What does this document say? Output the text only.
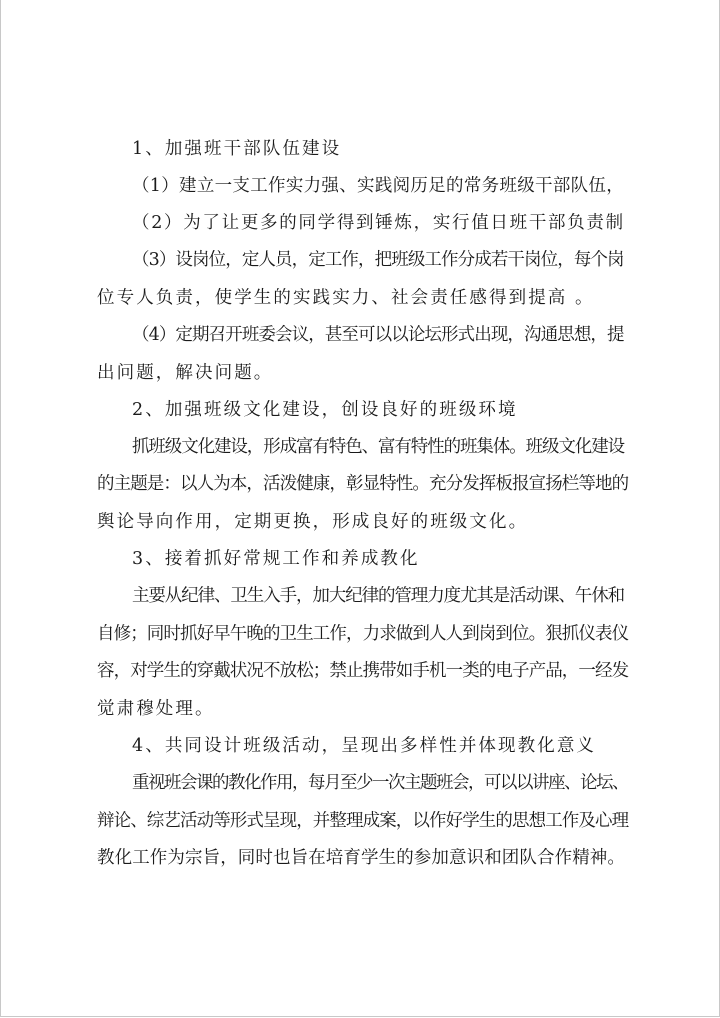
1、加强班干部队伍建设
（1）建立一支工作实力强、实践阅历足的常务班级干部队伍，
（2）为了让更多的同学得到锤炼，实行值日班干部负责制
（3）设岗位，定人员，定工作，把班级工作分成若干岗位，每个岗
位专人负责，使学生的实践实力、社会责任感得到提高 。
（4）定期召开班委会议，甚至可以以论坛形式出现，沟通思想，提
出问题，解决问题。
2、加强班级文化建设，创设良好的班级环境
抓班级文化建设，形成富有特色、富有特性的班集体。班级文化建设
的主题是：以人为本，活泼健康，彰显特性。充分发挥板报宣扬栏等地的
舆论导向作用，定期更换，形成良好的班级文化。
3、接着抓好常规工作和养成教化
主要从纪律、卫生入手，加大纪律的管理力度尤其是活动课、午休和
自修；同时抓好早午晚的卫生工作，力求做到人人到岗到位。狠抓仪表仪
容，对学生的穿戴状况不放松；禁止携带如手机一类的电子产品，一经发
觉肃穆处理。
4、共同设计班级活动，呈现出多样性并体现教化意义
重视班会课的教化作用，每月至少一次主题班会，可以以讲座、论坛、
辩论、综艺活动等形式呈现，并整理成案，以作好学生的思想工作及心理
教化工作为宗旨，同时也旨在培育学生的参加意识和团队合作精神。
